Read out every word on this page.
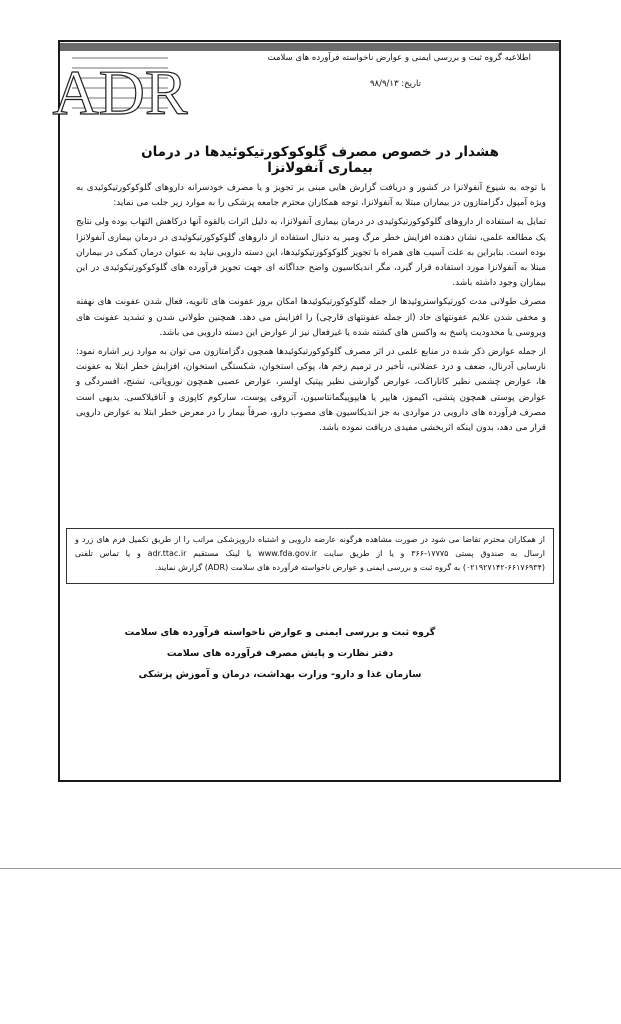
ADR	اطلاعیه گروه ثبت و بررسی ایمنی و عوارض ناخواسته فرآورده های سلامت
تاریخ: ۹۸/۹/۱۳
هشدار در خصوص مصرف گلوکوکورتیکوئیدها در درمان بیماری آنفولانزا

با توجه به شیوع آنفولانزا در کشور و دریافت گزارش هایی مبنی بر تجویز و یا مصرف خودسرانه داروهای گلوکوکورتیکوئیدی به ویژه آمپول دگزامتازون در بیماران مبتلا به آنفولانزا، توجه همکاران محترم جامعه پزشکی را به موارد زیر جلب می نماید:

تمایل به استفاده از داروهای گلوکوکورتیکوئیدی در درمان بیماری آنفولانزا، به دلیل اثرات بالقوه آنها درکاهش التهاب بوده ولی نتایج یک مطالعه علمی، نشان دهنده افزایش خطر مرگ ومیر به دنبال استفاده از داروهای گلوکوکورتیکوئیدی در درمان بیماری آنفولانزا بوده است. بنابراین به علت آسیب های همراه با تجویز گلوکوکورتیکوئیدها، این دسته دارویی نباید به عنوان درمان کمکی در بیماران مبتلا به آنفولانزا مورد استفاده قرار گیرد، مگر اندیکاسیون واضح جداگانه ای جهت تجویز فرآورده های گلوکوکورتیکوئیدی در این بیماران وجود داشته باشد.

مصرف طولانی مدت کورتیکواستروئیدها از جمله گلوکوکورتیکوئیدها امکان بروز عفونت های ثانویه، فعال شدن عفونت های نهفته و مخفی شدن علایم عفونتهای حاد (از جمله عفونتهای قارچی) را افزایش می دهد. همچنین طولانی شدن و تشدید عفونت های ویروسی یا محدودیت پاسخ به واکسن های کشته شده یا غیرفعال نیز از عوارض این دسته دارویی می باشد.

از جمله عوارض ذکر شده در منابع علمی در اثر مصرف گلوکوکورتیکوئیدها همچون دگزامتازون می توان به موارد زیر اشاره نمود: نارسایی آدرنال، ضعف و درد عضلانی، تأخیر در ترمیم زخم ها، پوکی استخوان، شکستگی استخوان، افزایش خطر ابتلا به عفونت ها، عوارض چشمی نظیر کاتاراکت، عوارض گوارشی نظیر پپتیک اولسر، عوارض عصبی همچون نوروپاتی، تشنج، افسردگی و عوارض پوستی همچون پتشی، اکیموز، هایپر یا هایپوپیگمانتاسیون، آتروفی پوست، سارکوم کاپوزی و آنافیلاکسی. بدیهی است مصرف فرآورده های دارویی در مواردی به جز اندیکاسیون های مصوب دارو، صرفاً بیمار را در معرض خطر ابتلا به عوارض دارویی قرار می دهد، بدون اینکه اثربخشی مفیدی دریافت نموده باشد.

از همکاران محترم تقاضا می شود در صورت مشاهده هرگونه عارضه دارویی و اشتباه داروپزشکی مراتب را از طریق تکمیل فرم های زرد و ارسال به صندوق پستی ۱۷۷۷۵-۳۶۶ و یا از طریق سایت www.fda.gov.ir یا لینک مستقیم adr.ttac.ir و یا تماس تلفنی (۶۶۱۷۶۹۳۴-۰۲۱۹۲۷۱۴۲) به گروه ثبت و بررسی ایمنی و عوارض ناخواسته فرآورده های سلامت (ADR) گزارش نمایند.
گروه ثبت و بررسی ایمنی و عوارض ناخواسته فرآورده های سلامت
دفتر نظارت و پایش مصرف فرآورده های سلامت
سازمان غذا و دارو- وزارت بهداشت، درمان و آموزش پزشکی
